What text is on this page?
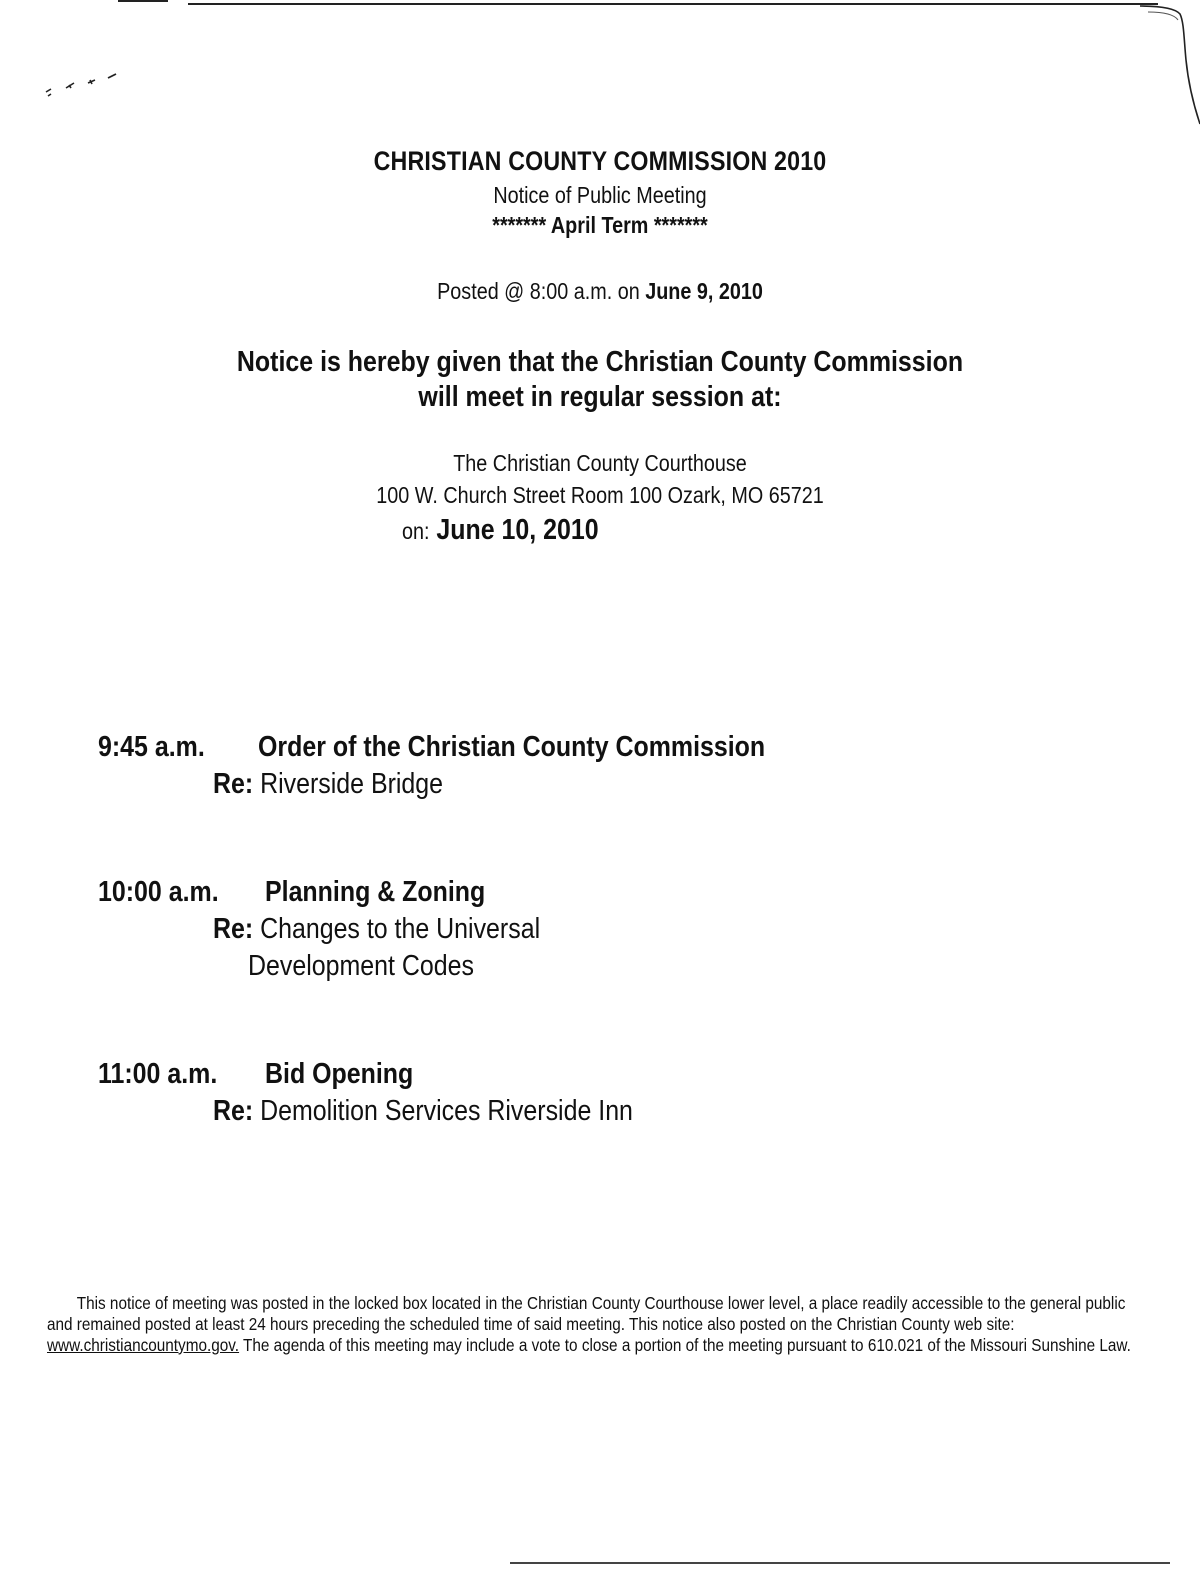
CHRISTIAN COUNTY COMMISSION 2010
Notice of Public Meeting
******* April Term *******
Posted @ 8:00 a.m. on June 9, 2010
Notice is hereby given that the Christian County Commission
will meet in regular session at:
The Christian County Courthouse
100 W. Church Street Room 100 Ozark, MO 65721
on: June 10, 2010
9:45 a.m. Order of the Christian County Commission
Re: Riverside Bridge
10:00 a.m. Planning & Zoning
Re: Changes to the Universal
Development Codes
11:00 a.m. Bid Opening
Re: Demolition Services Riverside Inn
This notice of meeting was posted in the locked box located in the Christian County Courthouse lower level, a place readily accessible to the general public and remained posted at least 24 hours preceding the scheduled time of said meeting. This notice also posted on the Christian County web site: www.christiancountymo.gov. The agenda of this meeting may include a vote to close a portion of the meeting pursuant to 610.021 of the Missouri Sunshine Law.
